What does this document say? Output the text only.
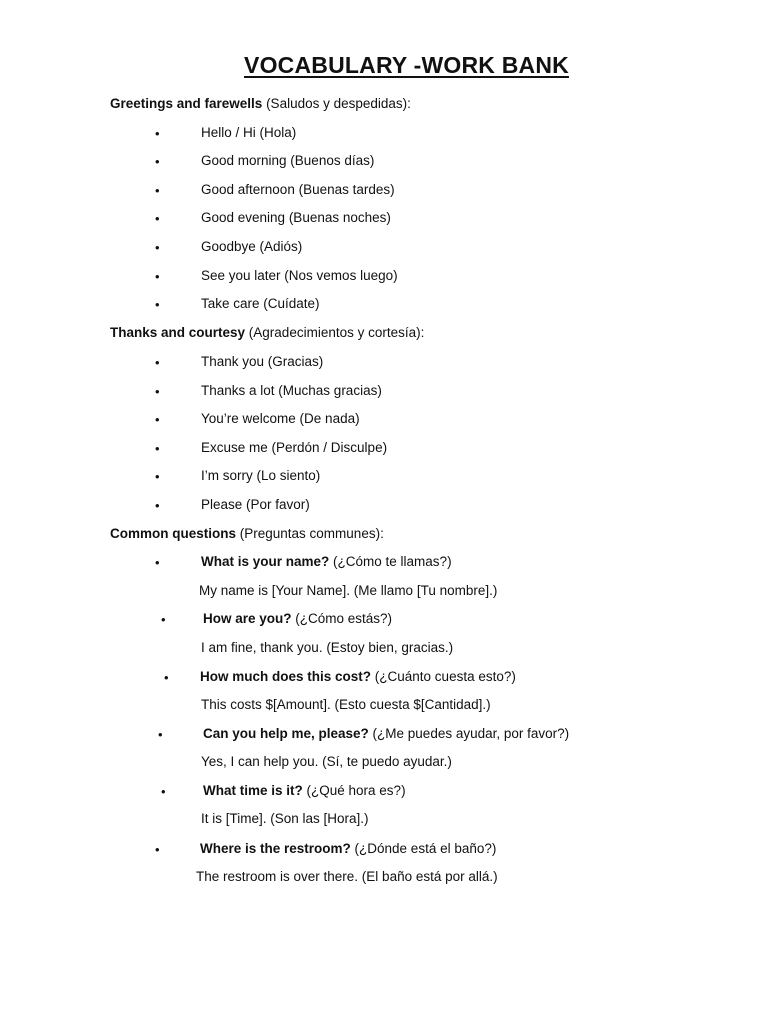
VOCABULARY -WORK BANK

Greetings and farewells (Saludos y despedidas):

•
Hello / Hi (Hola)
•
Good morning (Buenos días)
•
Good afternoon (Buenas tardes)
•
Good evening (Buenas noches)
•
Goodbye (Adiós)
•
See you later (Nos vemos luego)
•
Take care (Cuídate)

Thanks and courtesy (Agradecimientos y cortesía):

•
Thank you (Gracias)
•
Thanks a lot (Muchas gracias)
•
You’re welcome (De nada)
•
Excuse me (Perdón / Disculpe)
•
I’m sorry (Lo siento)
•
Please (Por favor)

Common questions (Preguntas communes):

•
What is your name? (¿Cómo te llamas?)
My name is [Your Name]. (Me llamo [Tu nombre].)
•
How are you? (¿Cómo estás?)
I am fine, thank you. (Estoy bien, gracias.)
•
How much does this cost? (¿Cuánto cuesta esto?)
This costs $[Amount]. (Esto cuesta $[Cantidad].)
•
Can you help me, please? (¿Me puedes ayudar, por favor?)
Yes, I can help you. (Sí, te puedo ayudar.)
•
What time is it? (¿Qué hora es?)
It is [Time]. (Son las [Hora].)
•
Where is the restroom? (¿Dónde está el baño?)
The restroom is over there. (El baño está por allá.)
